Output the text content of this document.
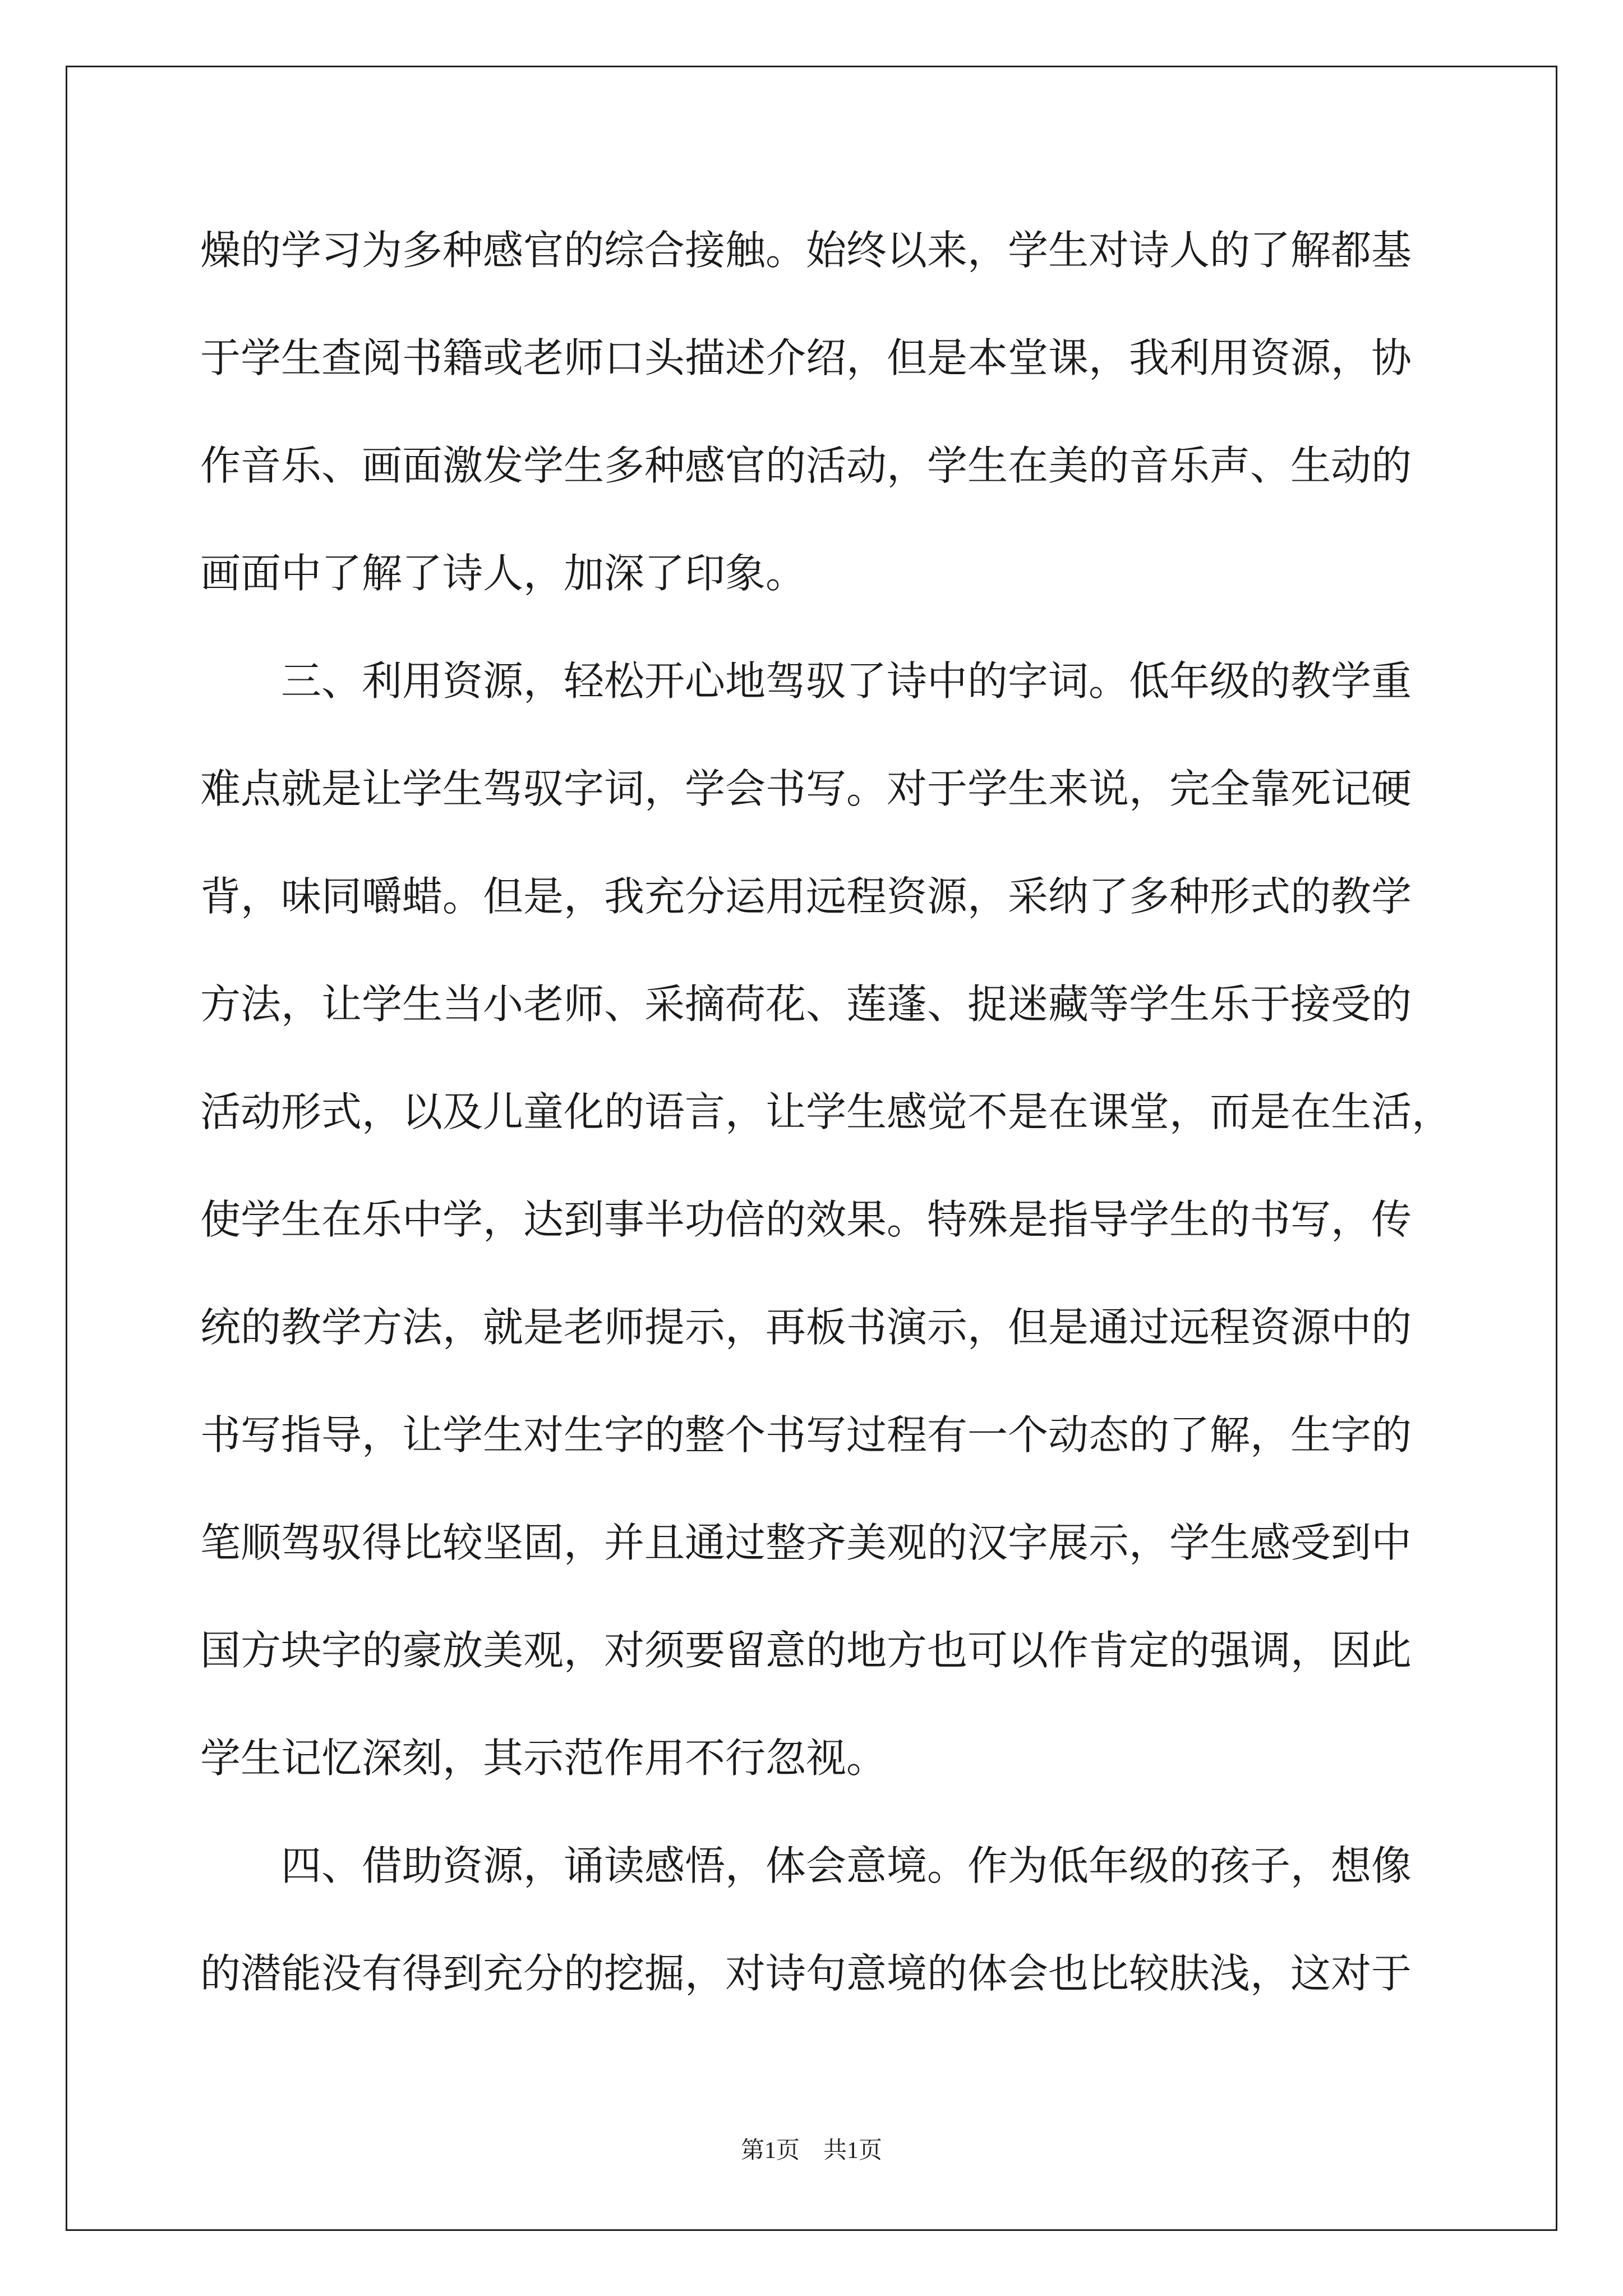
燥的学习为多种感官的综合接触。始终以来，学生对诗人的了解都基
于学生查阅书籍或老师口头描述介绍，但是本堂课，我利用资源，协
作音乐、画面激发学生多种感官的活动，学生在美的音乐声、生动的
画面中了解了诗人，加深了印象。
　　三、利用资源，轻松开心地驾驭了诗中的字词。低年级的教学重
难点就是让学生驾驭字词，学会书写。对于学生来说，完全靠死记硬
背，味同嚼蜡。但是，我充分运用远程资源，采纳了多种形式的教学
方法，让学生当小老师、采摘荷花、莲蓬、捉迷藏等学生乐于接受的
活动形式，以及儿童化的语言，让学生感觉不是在课堂，而是在生活，
使学生在乐中学，达到事半功倍的效果。特殊是指导学生的书写，传
统的教学方法，就是老师提示，再板书演示，但是通过远程资源中的
书写指导，让学生对生字的整个书写过程有一个动态的了解，生字的
笔顺驾驭得比较坚固，并且通过整齐美观的汉字展示，学生感受到中
国方块字的豪放美观，对须要留意的地方也可以作肯定的强调，因此
学生记忆深刻，其示范作用不行忽视。
　　四、借助资源，诵读感悟，体会意境。作为低年级的孩子，想像
的潜能没有得到充分的挖掘，对诗句意境的体会也比较肤浅，这对于
第1页　共1页
